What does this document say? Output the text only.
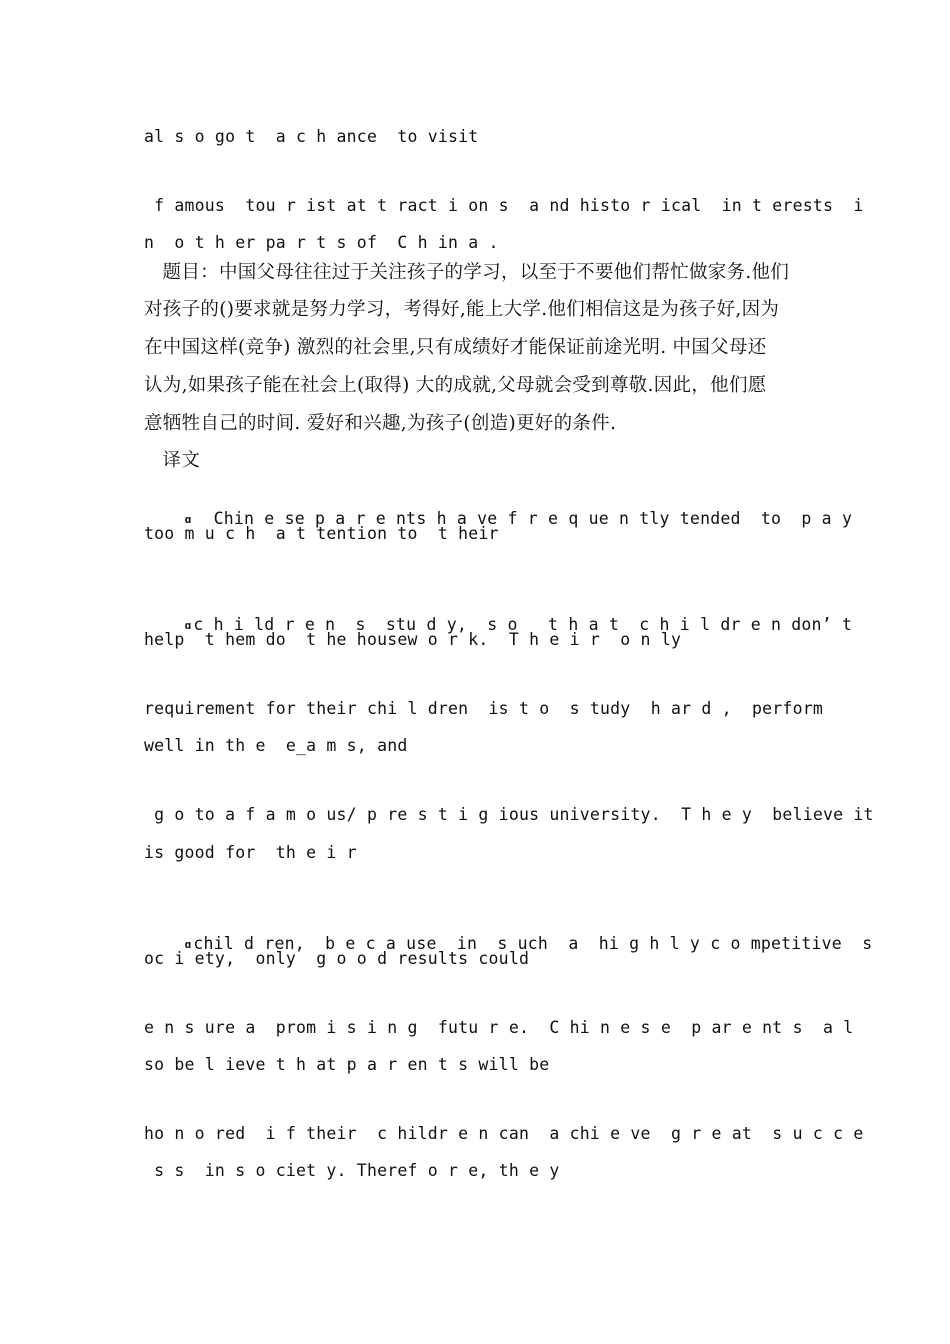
al s o go t  a c h ance  to visit
f amous  tou r ist at t ract i on s  a nd histo r ical  in t erests  i
n  o t h er pa r t s of  C h in a .
题目：中国父母往往过于关注孩子的学习，以至于不要他们帮忙做家务.他们
对孩子的()要求就是努力学习，考得好,能上大学.他们相信这是为孩子好,因为
在中国这样(竞争) 激烈的社会里,只有成绩好才能保证前途光明. 中国父母还
认为,如果孩子能在社会上(取得) 大的成就,父母就会受到尊敬.因此，他们愿
意牺牲自己的时间. 爱好和兴趣,为孩子(创造)更好的条件.
译文

ɑ  Chin e se p a r e nts h a ve f r e q ue n tly tended  to  p a y

too m u c h  a t tention to  t heir

ɑ c h i ld r e n  s  stu d y,  s o   t h a t  c h i l dr e n don’ t

help  t hem do  t he housew o r k.  T h e i r  o n ly
requirement for their chi l dren  is t o  s tudy  h ar d ,  perform
well in th e  e_a m s, and
g o to a f a m o us/ p re s t i g ious university.  T h e y  believe it
is good for  th e i r

ɑ chil d ren,  b e c a use  in  s uch  a  hi g h l y c o mpetitive  s

oc i ety,  only  g o o d results could
e n s ure a  prom i s i n g  futu r e.  C hi n e s e  p ar e nt s  a l
so be l ieve t h at p a r en t s will be
ho n o red  i f their  c hildr e n can  a chi e ve  g r e at  s u c c e
s s  in s o ciet y. Theref o r e, th e y
